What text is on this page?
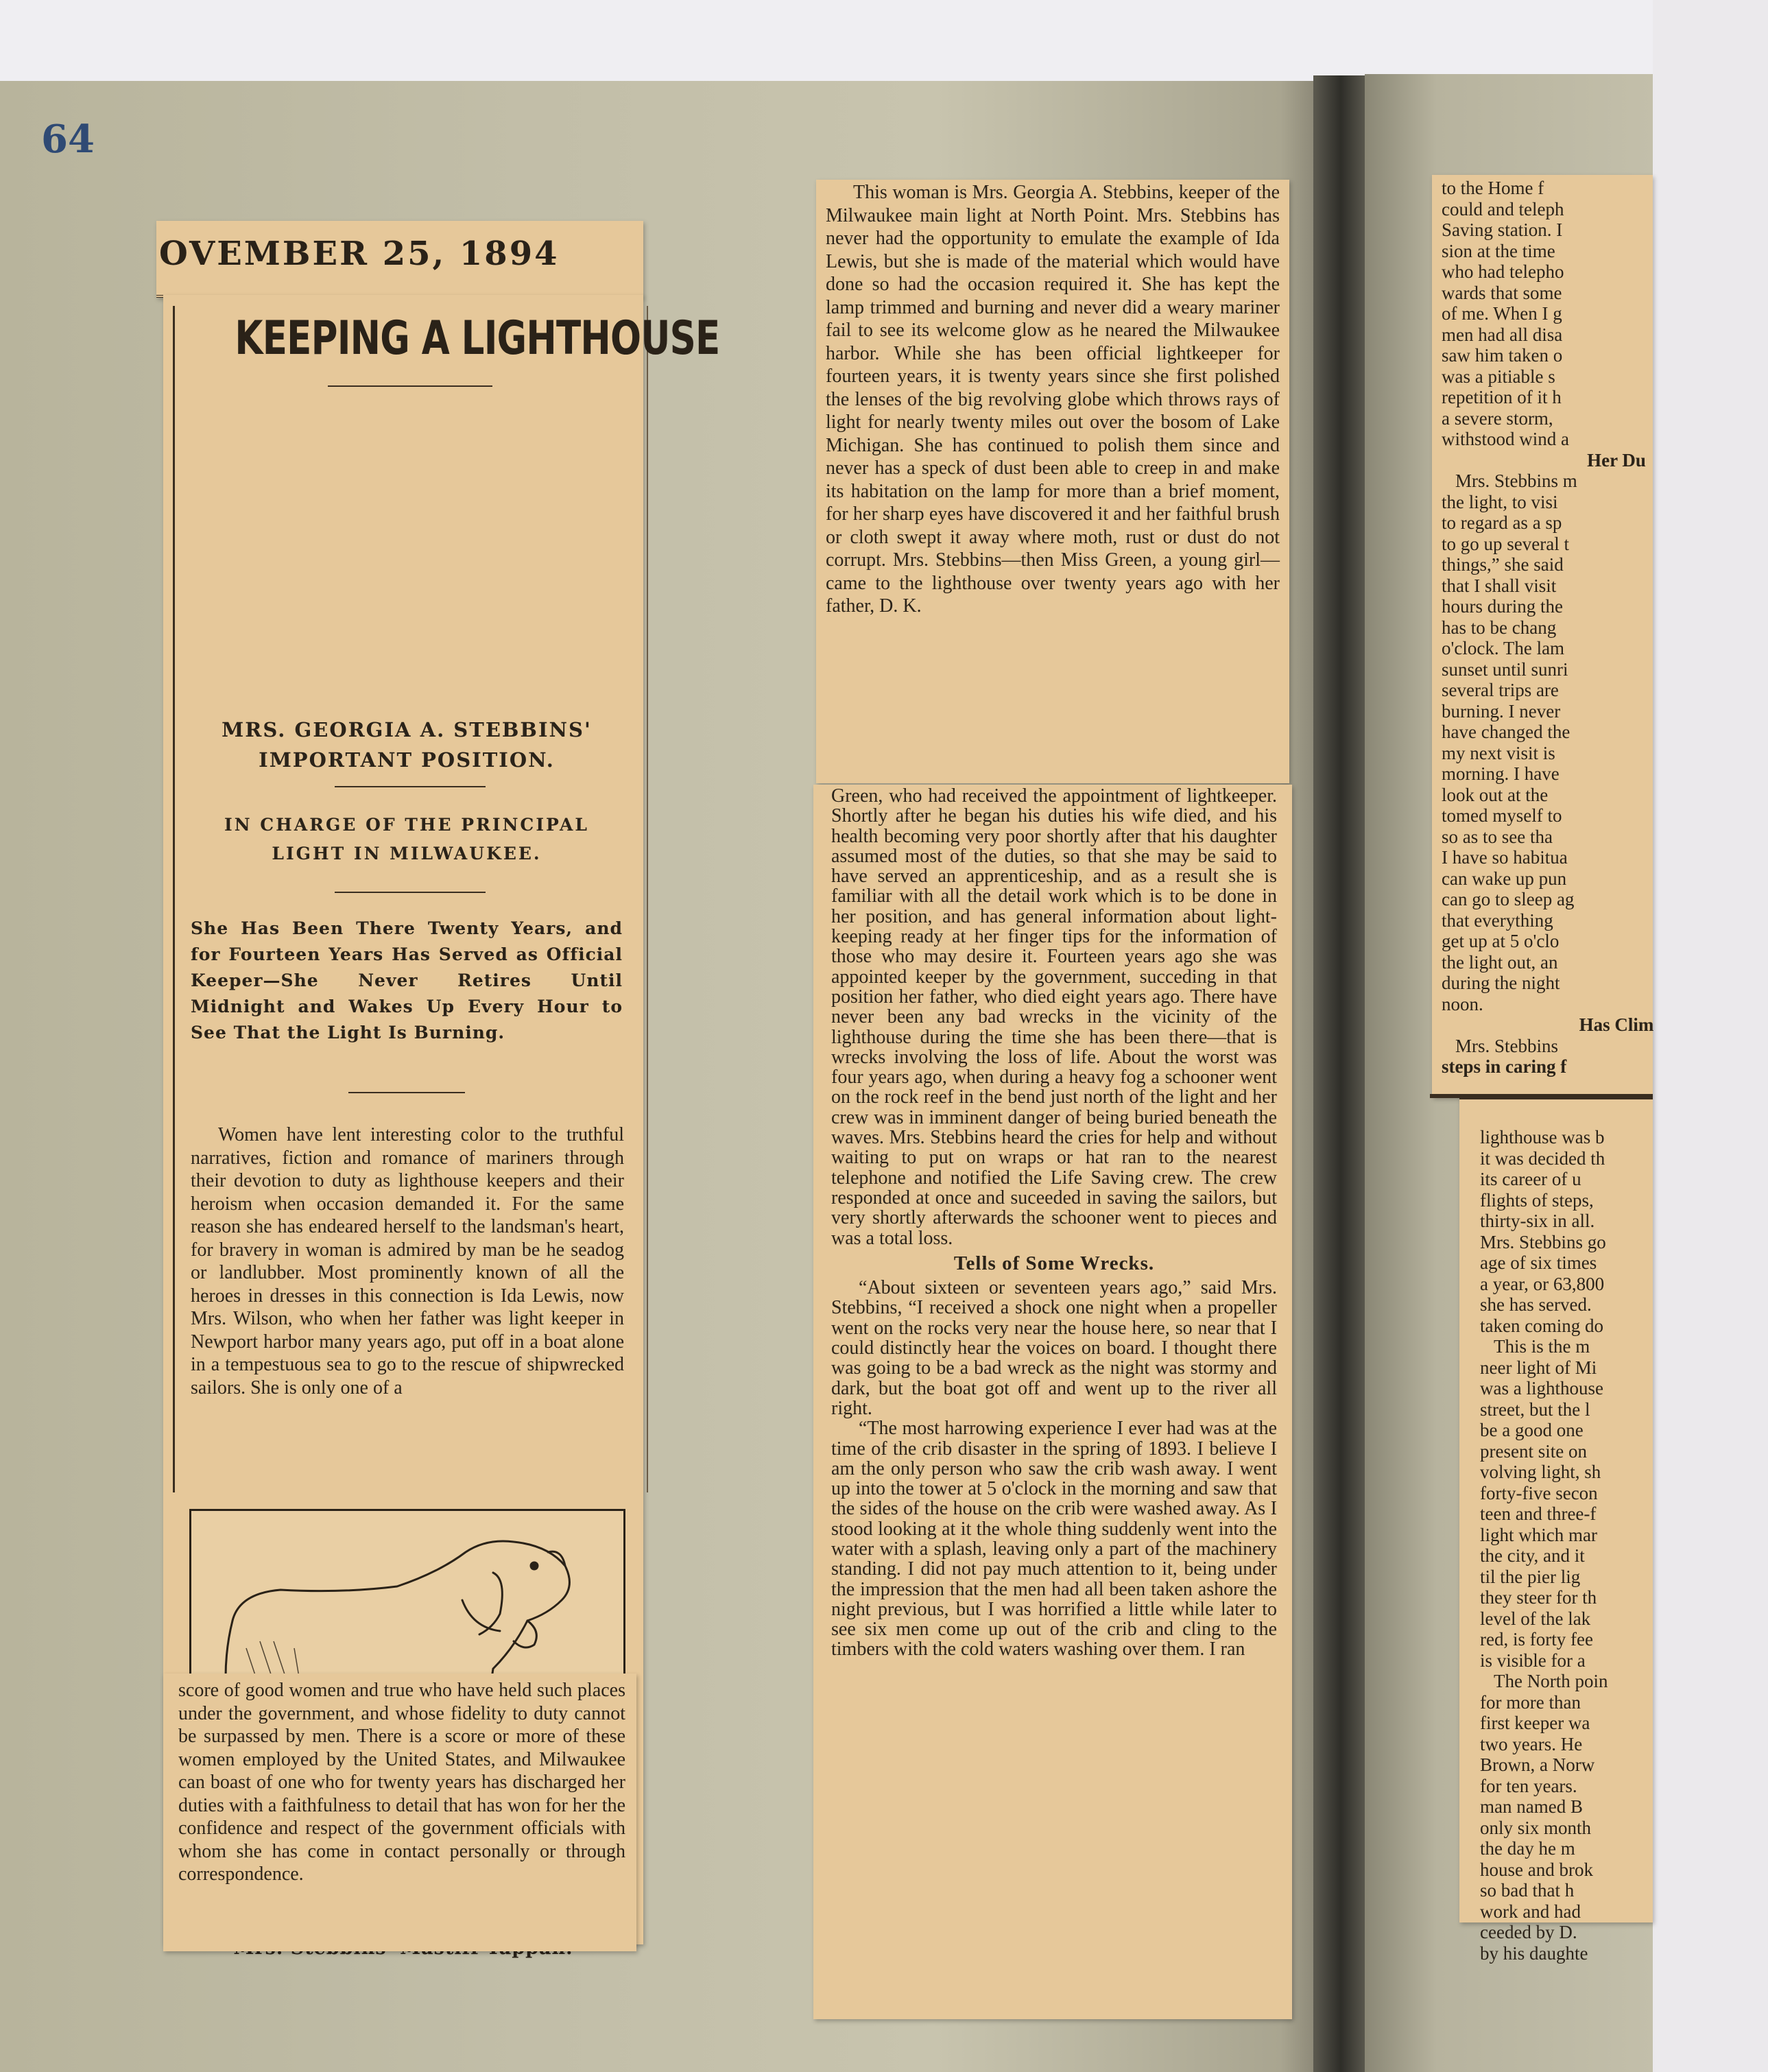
64
OVEMBER 25, 1894
KEEPING A LIGHTHOUSE
MRS. GEORGIA A. STEBBINS' IMPORTANT POSITION.
IN CHARGE OF THE PRINCIPAL LIGHT IN MILWAUKEE.
She Has Been There Twenty Years, and for Fourteen Years Has Served as Official Keeper—She Never Retires Until Midnight and Wakes Up Every Hour to See That the Light Is Burning.

Women have lent interesting color to the truthful narratives, fiction and romance of mariners through their devotion to duty as lighthouse keepers and their heroism when occasion demanded it. For the same reason she has endeared herself to the landsman's heart, for bravery in woman is admired by man be he seadog or landlubber. Most prominently known of all the heroes in dresses in this connection is Ida Lewis, now Mrs. Wilson, who when her father was light keeper in Newport harbor many years ago, put off in a boat alone in a tempestuous sea to go to the rescue of shipwrecked sailors. She is only one of a

score of good women and true who have held such places under the government, and whose fidelity to duty cannot be surpassed by men. There is a score or more of these women employed by the United States, and Milwaukee can boast of one who for twenty years has discharged her duties with a faithfulness to detail that has won for her the confidence and respect of the government officials with whom she has come in contact personally or through correspondence.

This woman is Mrs. Georgia A. Stebbins, keeper of the Milwaukee main light at North Point. Mrs. Stebbins has never had the opportunity to emulate the example of Ida Lewis, but she is made of the material which would have done so had the occasion required it. She has kept the lamp trimmed and burning and never did a weary mariner fail to see its welcome glow as he neared the Milwaukee harbor. While she has been official lightkeeper for fourteen years, it is twenty years since she first polished the lenses of the big revolving globe which throws rays of light for nearly twenty miles out over the bosom of Lake Michigan. She has continued to polish them since and never has a speck of dust been able to creep in and make its habitation on the lamp for more than a brief moment, for her sharp eyes have discovered it and her faithful brush or cloth swept it away where moth, rust or dust do not corrupt. Mrs. Stebbins—then Miss Green, a young girl—came to the lighthouse over twenty years ago with her father, D. K.

Green, who had received the appointment of lightkeeper. Shortly after he began his duties his wife died, and his health becoming very poor shortly after that his daughter assumed most of the duties, so that she may be said to have served an apprenticeship, and as a result she is familiar with all the detail work which is to be done in her position, and has general information about light-keeping ready at her finger tips for the information of those who may desire it. Fourteen years ago she was appointed keeper by the government, succeding in that position her father, who died eight years ago. There have never been any bad wrecks in the vicinity of the lighthouse during the time she has been there—that is wrecks involving the loss of life. About the worst was four years ago, when during a heavy fog a schooner went on the rock reef in the bend just north of the light and her crew was in imminent danger of being buried beneath the waves. Mrs. Stebbins heard the cries for help and without waiting to put on wraps or hat ran to the nearest telephone and notified the Life Saving crew. The crew responded at once and suceeded in saving the sailors, but very shortly afterwards the schooner went to pieces and was a total loss.

Tells of Some Wrecks.

“About sixteen or seventeen years ago,” said Mrs. Stebbins, “I received a shock one night when a propeller went on the rocks very near the house here, so near that I could distinctly hear the voices on board. I thought there was going to be a bad wreck as the night was stormy and dark, but the boat got off and went up to the river all right.

“The most harrowing experience I ever had was at the time of the crib disaster in the spring of 1893. I believe I am the only person who saw the crib wash away. I went up into the tower at 5 o'clock in the morning and saw that the sides of the house on the crib were washed away. As I stood looking at it the whole thing suddenly went into the water with a splash, leaving only a part of the machinery standing. I did not pay much attention to it, being under the impression that the men had all been taken ashore the night previous, but I was horrified a little while later to see six men come up out of the crib and cling to the timbers with the cold waters washing over them. I ran

to the Home f

could and teleph

Saving station. I

sion at the time

who had telepho

wards that some

of me. When I g

men had all disa

saw him taken o

was a pitiable s

repetition of it h

a severe storm,

withstood wind a

Her Du

Mrs. Stebbins m

the light, to visi

to regard as a sp

to go up several t

things,” she said

that I shall visit

hours during the

has to be chang

o'clock. The lam

sunset until sunri

several trips are

burning. I never

have changed the

my next visit is

morning. I have

look out at the

tomed myself to

so as to see tha

I have so habitua

can wake up pun

can go to sleep ag

that everything

get up at 5 o'clo

the light out, an

during the night

noon.

Has Clim

Mrs. Stebbins

steps in caring f

lighthouse was b

it was decided th

its career of u

flights of steps,

thirty-six in all.

Mrs. Stebbins go

age of six times

a year, or 63,800

she has served.

taken coming do

This is the m

neer light of Mi

was a lighthouse

street, but the l

be a good one

present site on

volving light, sh

forty-five secon

teen and three-f

light which mar

the city, and it

til the pier lig

they steer for th

level of the lak

red, is forty fee

is visible for a

The North poin

for more than

first keeper wa

two years. He

Brown, a Norw

for ten years.

man named B

only six month

the day he m

house and brok

so bad that h

work and had

ceeded by D.

by his daughte
